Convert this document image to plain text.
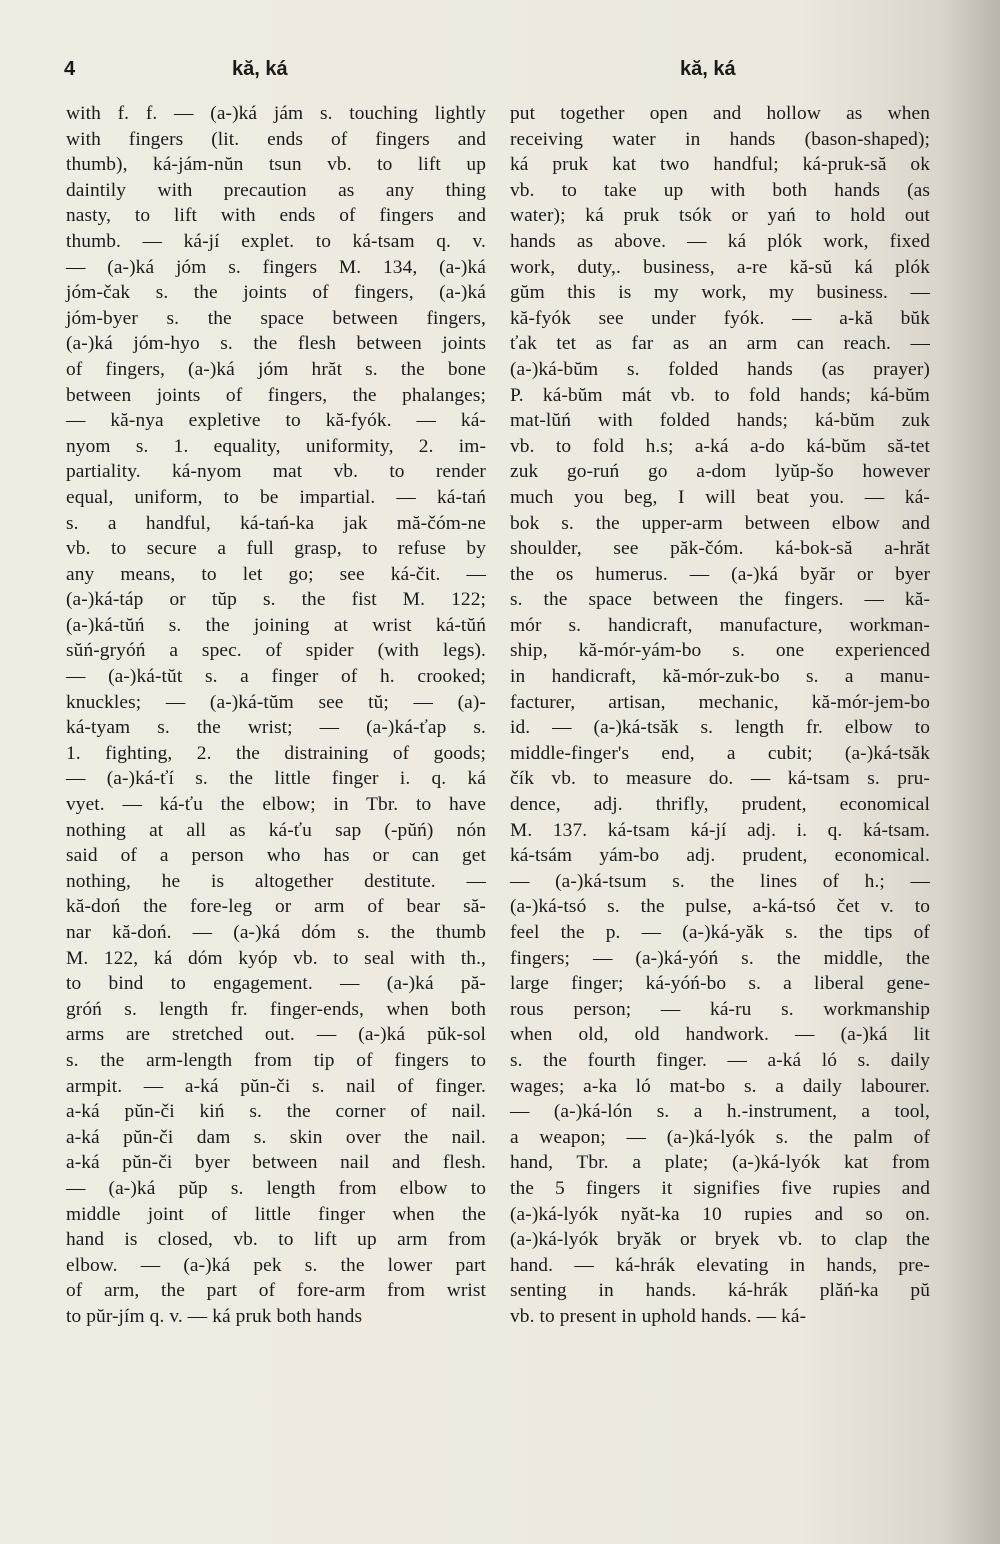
4	kă, ká	kă, ká
with f. f. — (a-)ká jám s. touching lightly
with fingers (lit. ends of fingers and
thumb), ká-jám-nŭn tsun vb. to lift up
daintily with precaution as any thing
nasty, to lift with ends of fingers and
thumb. — ká-jí explet. to ká-tsam q. v.
— (a-)ká jóm s. fingers M. 134, (a-)ká
jóm-čak s. the joints of fingers, (a-)ká
jóm-byer s. the space between fingers,
(a-)ká jóm-hyo s. the flesh between joints
of fingers, (a-)ká jóm hrăt s. the bone
between joints of fingers, the phalanges;
— kă-nya expletive to kă-fyók. — ká-
nyom s. 1. equality, uniformity, 2. im-
partiality. ká-nyom mat vb. to render
equal, uniform, to be impartial. — ká-tań
s. a handful, ká-tań-ka jak mă-čóm-ne
vb. to secure a full grasp, to refuse by
any means, to let go; see ká-čit. —
(a-)ká-táp or tŭp s. the fist M. 122;
(a-)ká-tŭń s. the joining at wrist ká-tŭń
sŭń-gryóń a spec. of spider (with legs).
— (a-)ká-tŭt s. a finger of h. crooked;
knuckles; — (a-)ká-tŭm see tŭ; — (a)-
ká-tyam s. the wrist; — (a-)ká-ťap s.
1. fighting, 2. the distraining of goods;
— (a-)ká-ťí s. the little finger i. q. ká
vyet. — ká-ťu the elbow; in Tbr. to have
nothing at all as ká-ťu sap (-pŭń) nón
said of a person who has or can get
nothing, he is altogether destitute. —
kă-doń the fore-leg or arm of bear să-
nar kă-doń. — (a-)ká dóm s. the thumb
M. 122, ká dóm kyóp vb. to seal with th.,
to bind to engagement. — (a-)ká pă-
gróń s. length fr. finger-ends, when both
arms are stretched out. — (a-)ká pŭk-sol
s. the arm-length from tip of fingers to
armpit. — a-ká pŭn-či s. nail of finger.
a-ká pŭn-či kiń s. the corner of nail.
a-ká pŭn-či dam s. skin over the nail.
a-ká pŭn-či byer between nail and flesh.
— (a-)ká pŭp s. length from elbow to
middle joint of little finger when the
hand is closed, vb. to lift up arm from
elbow. — (a-)ká pek s. the lower part
of arm, the part of fore-arm from wrist
to pŭr-jím q. v. — ká pruk both hands
put together open and hollow as when
receiving water in hands (bason-shaped);
ká pruk kat two handful; ká-pruk-să ok
vb. to take up with both hands (as
water); ká pruk tsók or yań to hold out
hands as above. — ká plók work, fixed
work, duty,. business, a-re kă-sŭ ká plók
gŭm this is my work, my business. —
kă-fyók see under fyók. — a-kă bŭk
ťak tet as far as an arm can reach. —
(a-)ká-bŭm s. folded hands (as prayer)
P. ká-bŭm mát vb. to fold hands; ká-bŭm
mat-lŭń with folded hands; ká-bŭm zuk
vb. to fold h.s; a-ká a-do ká-bŭm să-tet
zuk go-ruń go a-dom lyŭp-šo however
much you beg, I will beat you. — ká-
bok s. the upper-arm between elbow and
shoulder, see păk-čóm. ká-bok-să a-hrăt
the os humerus. — (a-)ká byăr or byer
s. the space between the fingers. — kă-
mór s. handicraft, manufacture, workman-
ship, kă-mór-yám-bo s. one experienced
in handicraft, kă-mór-zuk-bo s. a manu-
facturer, artisan, mechanic, kă-mór-jem-bo
id. — (a-)ká-tsăk s. length fr. elbow to
middle-finger's end, a cubit; (a-)ká-tsăk
čík vb. to measure do. — ká-tsam s. pru-
dence, adj. thrifly, prudent, economical
M. 137. ká-tsam ká-jí adj. i. q. ká-tsam.
ká-tsám yám-bo adj. prudent, economical.
— (a-)ká-tsum s. the lines of h.; —
(a-)ká-tsó s. the pulse, a-ká-tsó čet v. to
feel the p. — (a-)ká-yăk s. the tips of
fingers; — (a-)ká-yóń s. the middle, the
large finger; ká-yóń-bo s. a liberal gene-
rous person; — ká-ru s. workmanship
when old, old handwork. — (a-)ká lit
s. the fourth finger. — a-ká ló s. daily
wages; a-ka ló mat-bo s. a daily labourer.
— (a-)ká-lón s. a h.-instrument, a tool,
a weapon; — (a-)ká-lyók s. the palm of
hand, Tbr. a plate; (a-)ká-lyók kat from
the 5 fingers it signifies five rupies and
(a-)ká-lyók nyăt-ka 10 rupies and so on.
(a-)ká-lyók bryăk or bryek vb. to clap the
hand. — ká-hrák elevating in hands, pre-
senting in hands. ká-hrák plăń-ka pŭ
vb. to present in uphold hands. — ká-
